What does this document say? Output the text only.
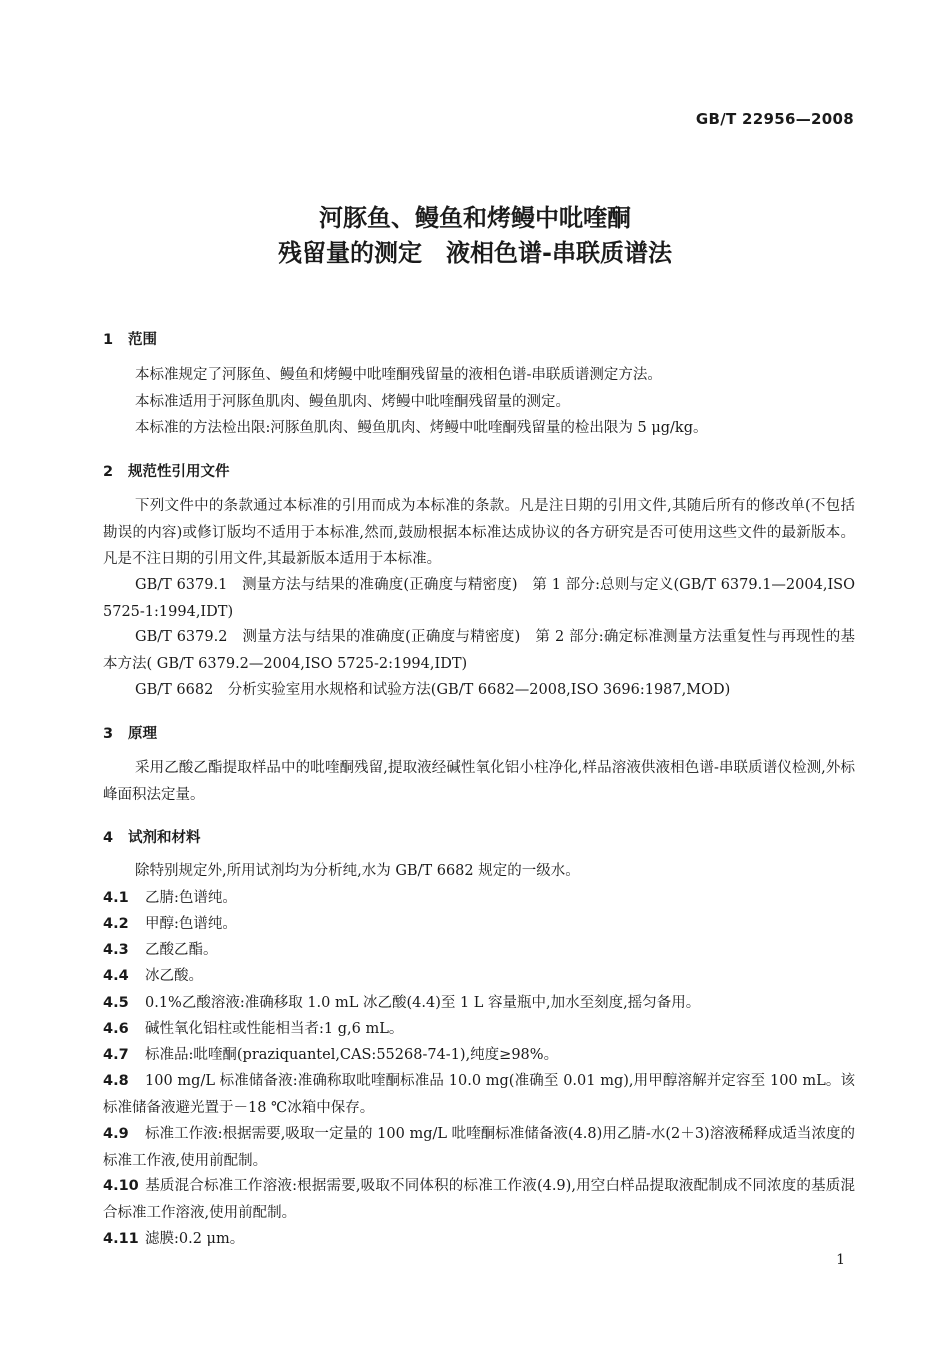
GB/T 22956—2008
河豚鱼、鳗鱼和烤鳗中吡喹酮
残留量的测定　液相色谱-串联质谱法
1 范围
本标准规定了河豚鱼、鳗鱼和烤鳗中吡喹酮残留量的液相色谱-串联质谱测定方法。
本标准适用于河豚鱼肌肉、鳗鱼肌肉、烤鳗中吡喹酮残留量的测定。
本标准的方法检出限:河豚鱼肌肉、鳗鱼肌肉、烤鳗中吡喹酮残留量的检出限为 5 μg/kg。
2 规范性引用文件
下列文件中的条款通过本标准的引用而成为本标准的条款。凡是注日期的引用文件,其随后所有的修改单(不包括勘误的内容)或修订版均不适用于本标准,然而,鼓励根据本标准达成协议的各方研究是否可使用这些文件的最新版本。凡是不注日期的引用文件,其最新版本适用于本标准。
GB/T 6379.1　测量方法与结果的准确度(正确度与精密度)　第 1 部分:总则与定义(GB/T 6379.1—2004,ISO 5725-1:1994,IDT)
GB/T 6379.2　测量方法与结果的准确度(正确度与精密度)　第 2 部分:确定标准测量方法重复性与再现性的基本方法( GB/T 6379.2—2004,ISO 5725-2:1994,IDT)
GB/T 6682　分析实验室用水规格和试验方法(GB/T 6682—2008,ISO 3696:1987,MOD)
3 原理
采用乙酸乙酯提取样品中的吡喹酮残留,提取液经碱性氧化铝小柱净化,样品溶液供液相色谱-串联质谱仪检测,外标峰面积法定量。
4 试剂和材料
除特别规定外,所用试剂均为分析纯,水为 GB/T 6682 规定的一级水。
4.1 乙腈:色谱纯。
4.2 甲醇:色谱纯。
4.3 乙酸乙酯。
4.4 冰乙酸。
4.5 0.1%乙酸溶液:准确移取 1.0 mL 冰乙酸(4.4)至 1 L 容量瓶中,加水至刻度,摇匀备用。
4.6 碱性氧化铝柱或性能相当者:1 g,6 mL。
4.7 标准品:吡喹酮(praziquantel,CAS:55268-74-1),纯度≥98%。
4.8 100 mg/L 标准储备液:准确称取吡喹酮标准品 10.0 mg(准确至 0.01 mg),用甲醇溶解并定容至 100 mL。该标准储备液避光置于－18 ℃冰箱中保存。
4.9 标准工作液:根据需要,吸取一定量的 100 mg/L 吡喹酮标准储备液(4.8)用乙腈-水(2＋3)溶液稀释成适当浓度的标准工作液,使用前配制。
4.10 基质混合标准工作溶液:根据需要,吸取不同体积的标准工作液(4.9),用空白样品提取液配制成不同浓度的基质混合标准工作溶液,使用前配制。
4.11 滤膜:0.2 μm。
1
